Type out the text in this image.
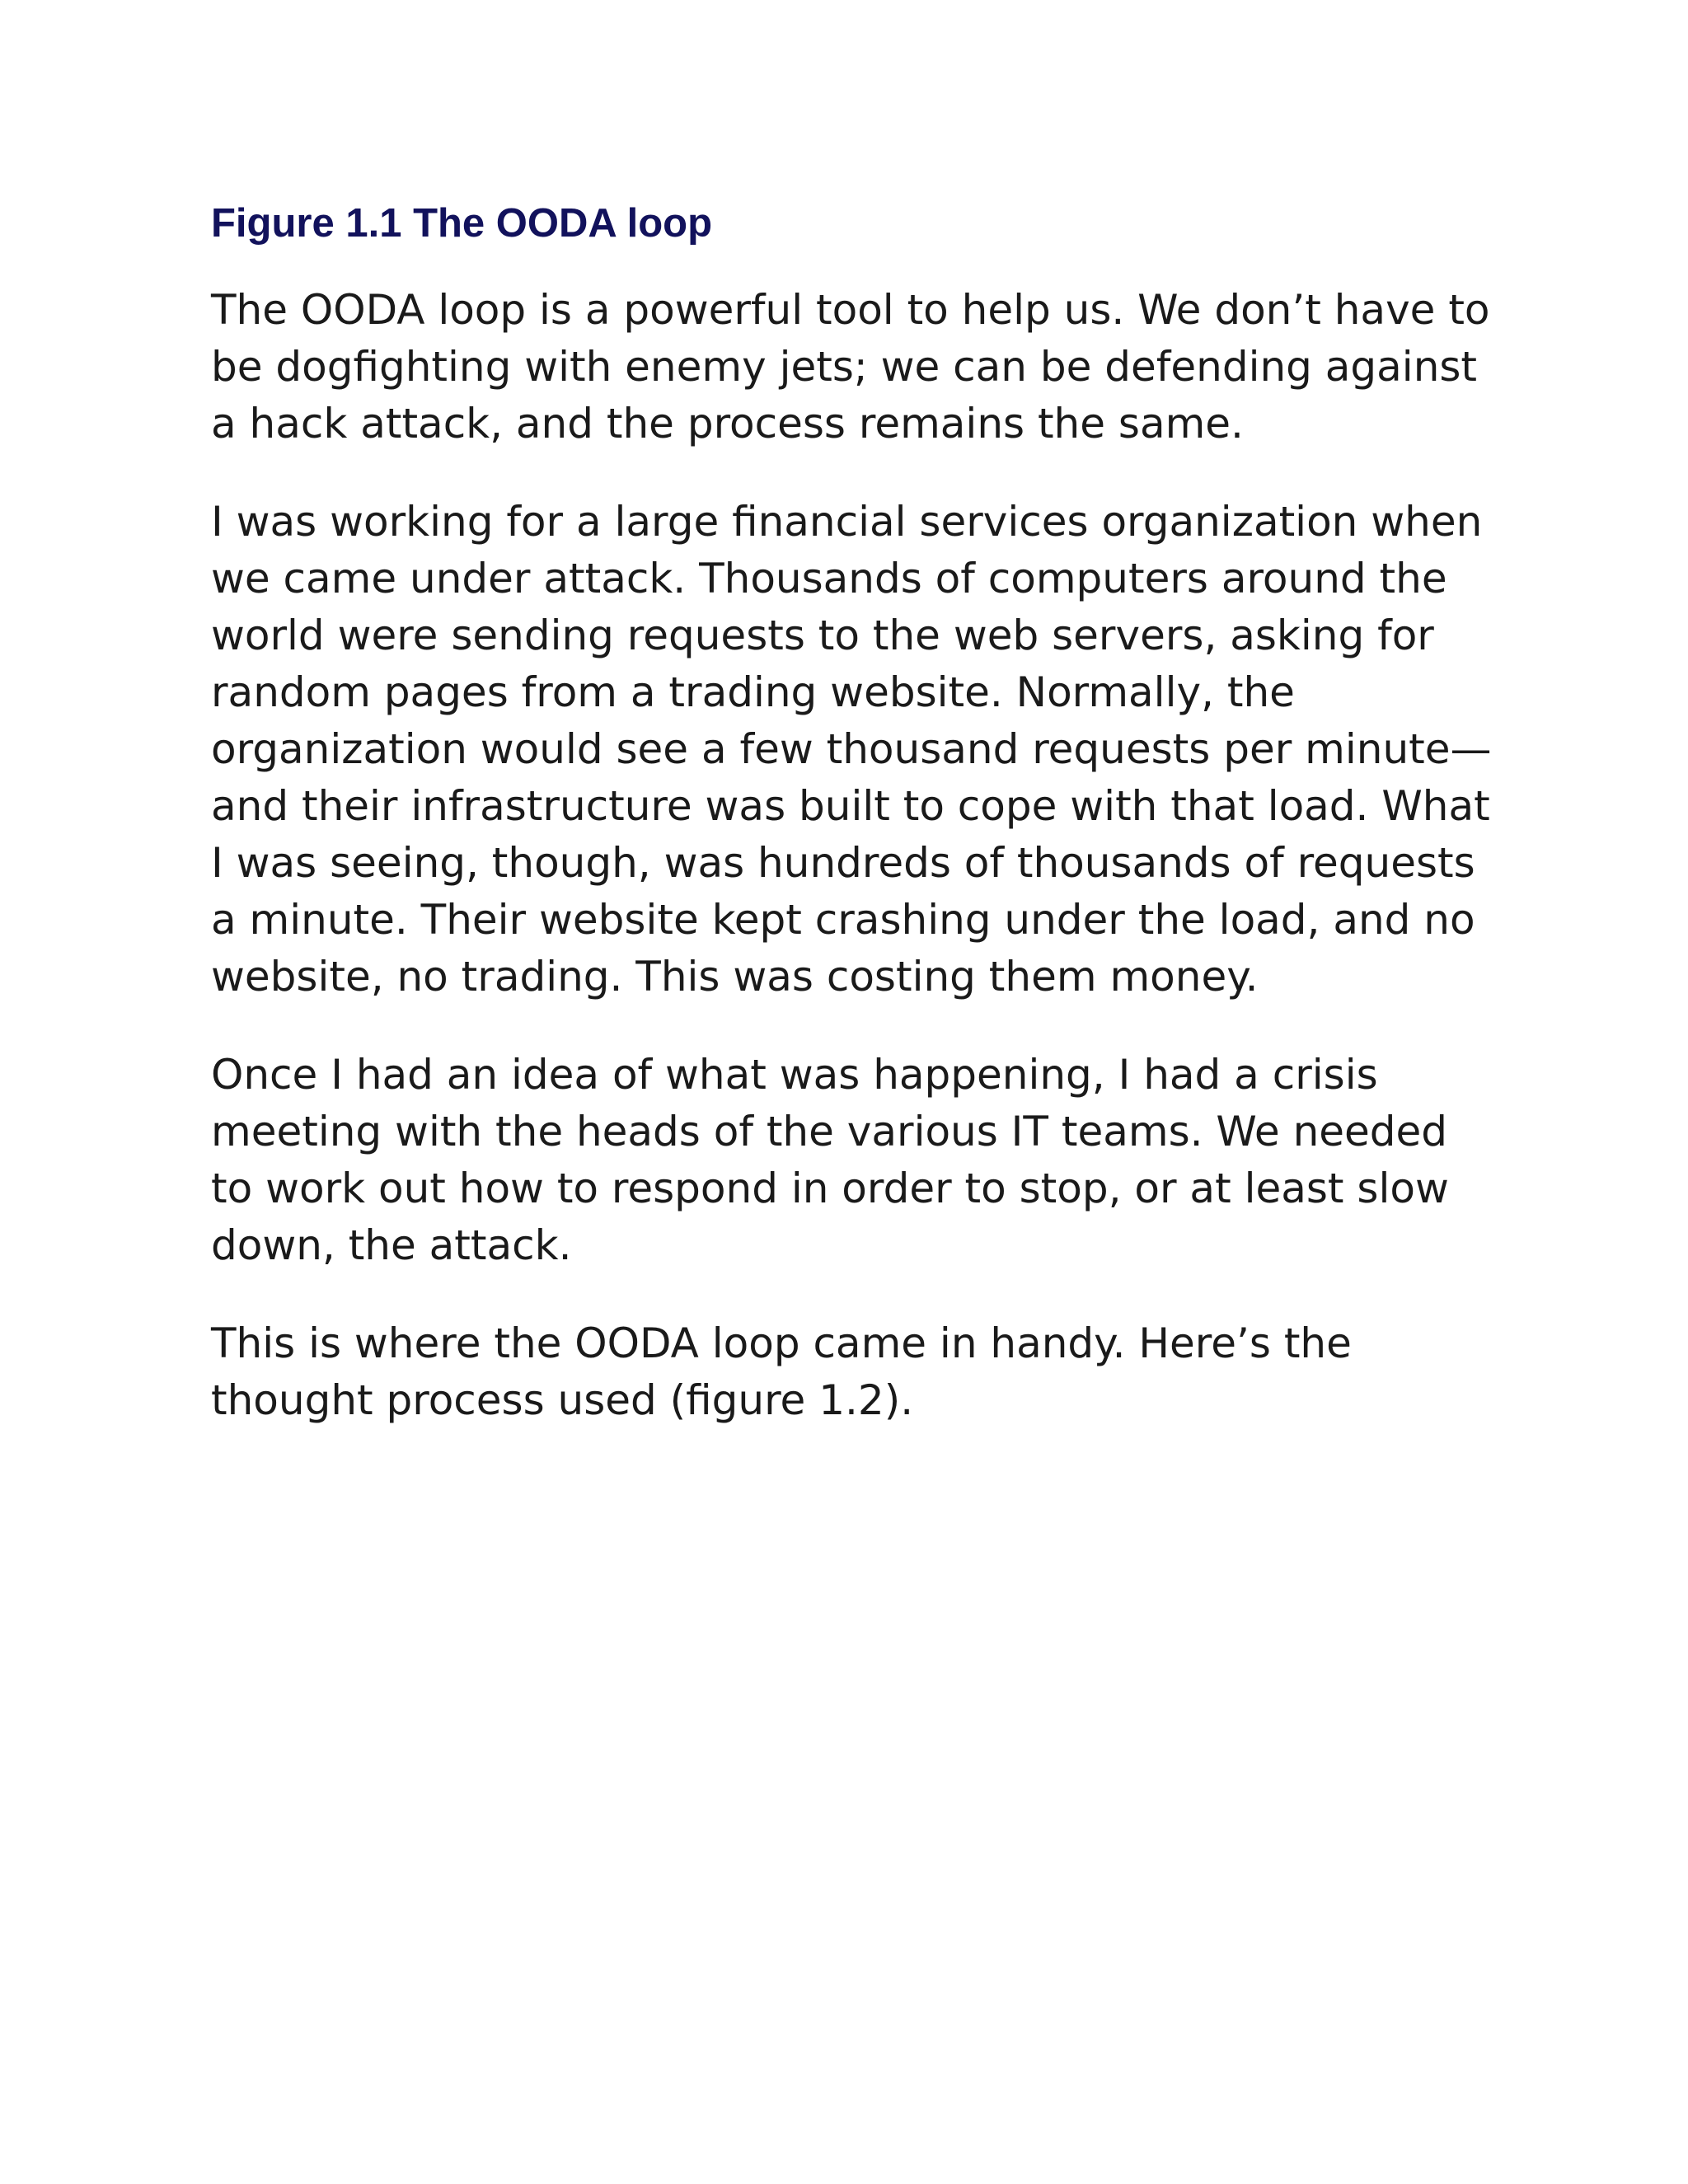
Figure 1.1 The OODA loop

The OODA loop is a powerful tool to help us. We don’t have to be dogfighting with enemy jets; we can be defending against a hack attack, and the process remains the same.

I was working for a large financial services organization when we came under attack. Thousands of computers around the world were sending requests to the web servers, asking for random pages from a trading website. Normally, the organization would see a few thousand requests per minute—and their infrastructure was built to cope with that load. What I was seeing, though, was hundreds of thousands of requests a minute. Their website kept crashing under the load, and no website, no trading. This was costing them money.

Once I had an idea of what was happening, I had a crisis meeting with the heads of the various IT teams. We needed to work out how to respond in order to stop, or at least slow down, the attack.

This is where the OODA loop came in handy. Here’s the thought process used (figure 1.2).
